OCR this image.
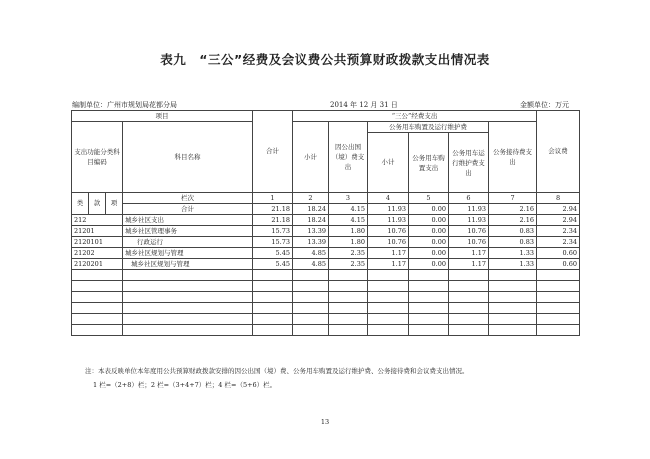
表九　“三公”经费及会议费公共预算财政拨款支出情况表
编制单位：广州市规划局花都分局	2014 年 12 月 31 日	金额单位：万元
项目				合计	“三公”经费支出						会议费
支出功能分类科目编码			科目名称		小计	因公出国（境）费支出	公务用车购置及运行维护费			公务接待费支出	
							小计	公务用车购置支出	公务用车运行维护费支出		

类	款	项	栏次	1	2	3	4	5	6	7	8
			合计	21.18	18.24	4.15	11.93	0.00	11.93	2.16	2.94
212			城乡社区支出	21.18	18.24	4.15	11.93	0.00	11.93	2.16	2.94
21201			城乡社区管理事务	15.73	13.39	1.80	10.76	0.00	10.76	0.83	2.34
2120101			行政运行	15.73	13.39	1.80	10.76	0.00	10.76	0.83	2.34
21202			城乡社区规划与管理	5.45	4.85	2.35	1.17	0.00	1.17	1.33	0.60
2120201			城乡社区规划与管理	5.45	4.85	2.35	1.17	0.00	1.17	1.33	0.60

注：本表反映单位本年度用公共预算财政拨款安排的因公出国（境）费、公务用车购置及运行维护费、公务接待费和会议费支出情况。
1 栏=（2+8）栏；2 栏=（3+4+7）栏；4 栏=（5+6）栏。
13
